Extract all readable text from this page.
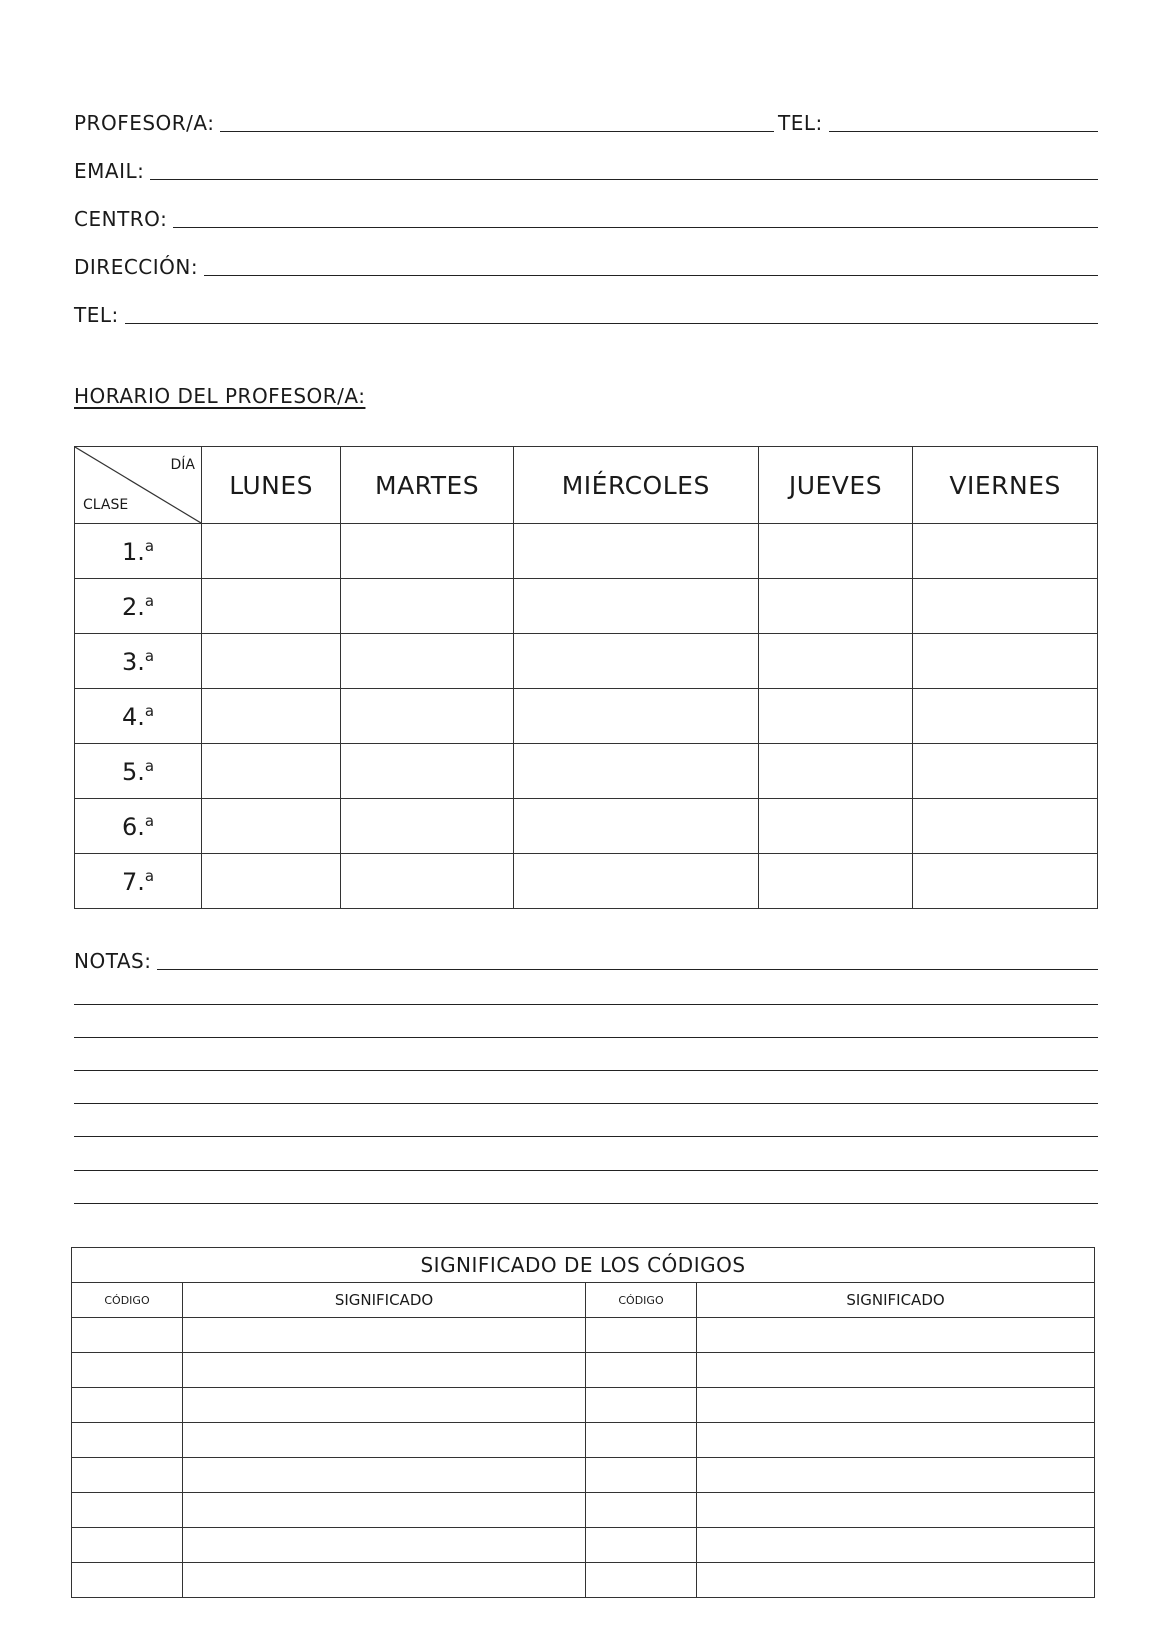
PROFESOR/A:	TEL:
EMAIL:
CENTRO:
DIRECCIÓN:
TEL:
HORARIO DEL PROFESOR/A:
DÍA
CLASE	LUNES	MARTES	MIÉRCOLES	JUEVES	VIERNES
1.$^a$					
2.$^a$					
3.$^a$					
4.$^a$					
5.$^a$					
6.$^a$					
7.$^a$					
NOTAS:
SIGNIFICADO DE LOS CÓDIGOS			
CÓDIGO	SIGNIFICADO	CÓDIGO	SIGNIFICADO
